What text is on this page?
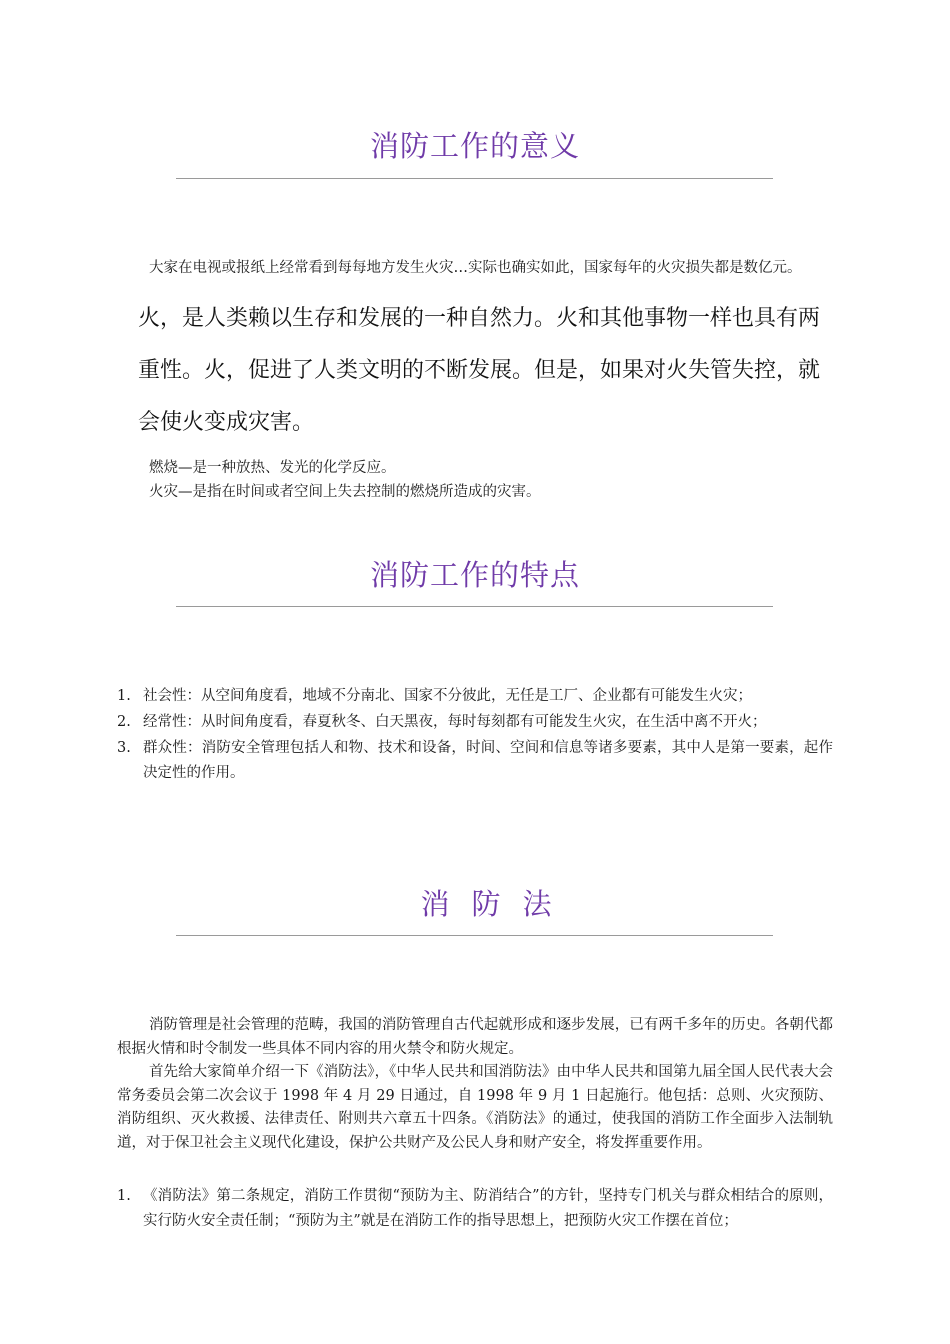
消防工作的意义

大家在电视或报纸上经常看到每每地方发生火灾…实际也确实如此，国家每年的火灾损失都是数亿元。

火，是人类赖以生存和发展的一种自然力。火和其他事物一样也具有两重性。火，促进了人类文明的不断发展。但是，如果对火失管失控，就会使火变成灾害。

燃烧—是一种放热、发光的化学反应。

火灾—是指在时间或者空间上失去控制的燃烧所造成的灾害。

消防工作的特点
1. 社会性：从空间角度看，地域不分南北、国家不分彼此，无任是工厂、企业都有可能发生火灾；
2. 经常性：从时间角度看，春夏秋冬、白天黑夜，每时每刻都有可能发生火灾，在生活中离不开火；
3. 群众性：消防安全管理包括人和物、技术和设备，时间、空间和信息等诸多要素，其中人是第一要素，起作决定性的作用。
消防法

消防管理是社会管理的范畴，我国的消防管理自古代起就形成和逐步发展，已有两千多年的历史。各朝代都根据火情和时令制发一些具体不同内容的用火禁令和防火规定。

首先给大家简单介绍一下《消防法》，《中华人民共和国消防法》由中华人民共和国第九届全国人民代表大会常务委员会第二次会议于 1998 年 4 月 29 日通过，自 1998 年 9 月 1 日起施行。他包括：总则、火灾预防、消防组织、灭火救援、法律责任、附则共六章五十四条。《消防法》的通过，使我国的消防工作全面步入法制轨道，对于保卫社会主义现代化建设，保护公共财产及公民人身和财产安全，将发挥重要作用。

1. 《消防法》第二条规定，消防工作贯彻“预防为主、防消结合”的方针，坚持专门机关与群众相结合的原则，实行防火安全责任制；“预防为主”就是在消防工作的指导思想上，把预防火灾工作摆在首位；
